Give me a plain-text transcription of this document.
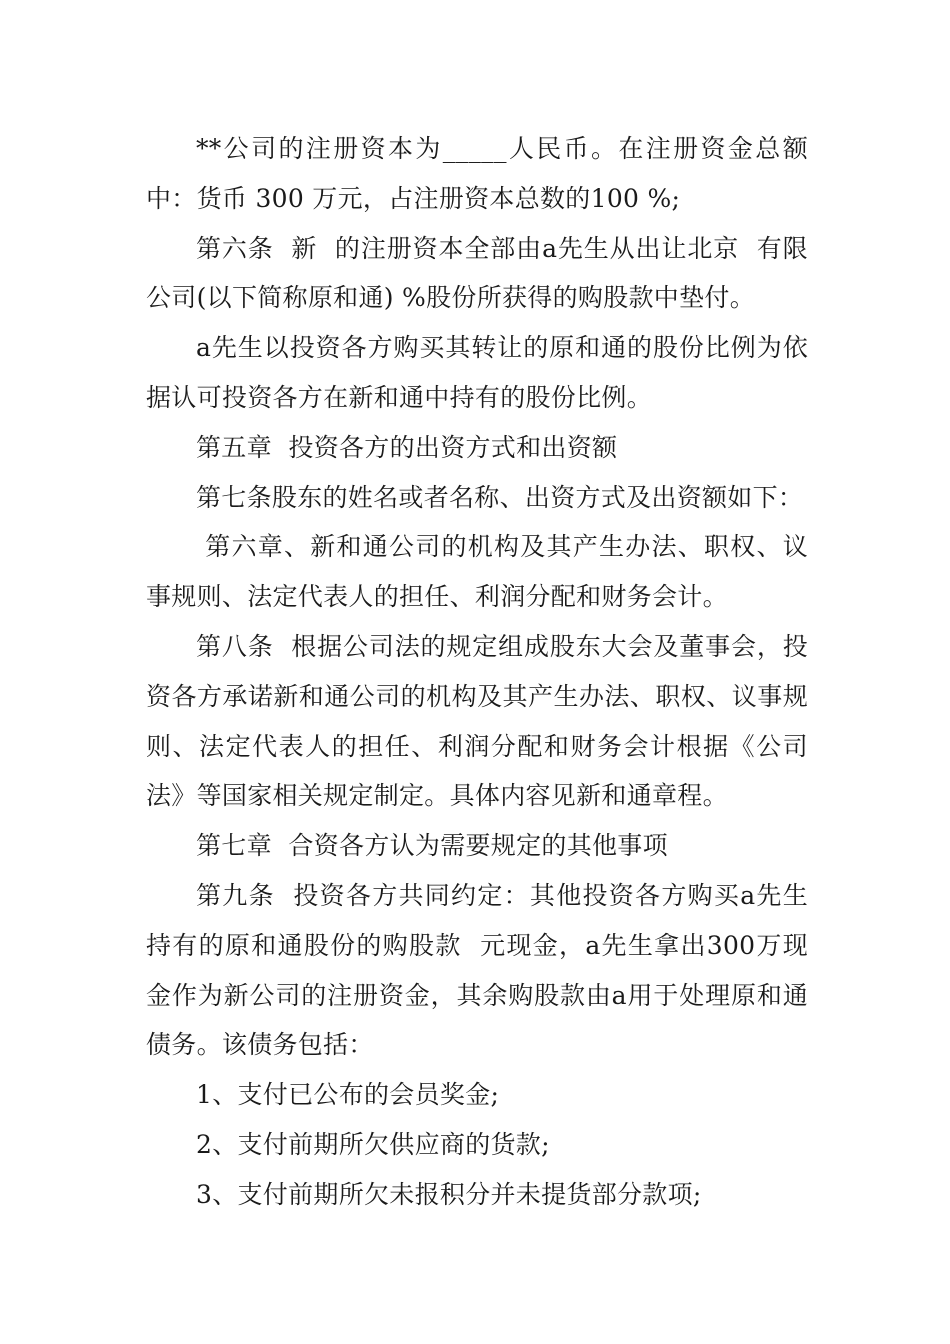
**公司的注册资本为_____人民币。在注册资金总额中：货币 300 万元，占注册资本总数的100 %;

第六条  新  的注册资本全部由a先生从出让北京  有限公司(以下简称原和通) %股份所获得的购股款中垫付。

a先生以投资各方购买其转让的原和通的股份比例为依据认可投资各方在新和通中持有的股份比例。

第五章  投资各方的出资方式和出资额

第七条股东的姓名或者名称、出资方式及出资额如下：

第六章、新和通公司的机构及其产生办法、职权、议事规则、法定代表人的担任、利润分配和财务会计。

第八条  根据公司法的规定组成股东大会及董事会，投资各方承诺新和通公司的机构及其产生办法、职权、议事规则、法定代表人的担任、利润分配和财务会计根据《公司法》等国家相关规定制定。具体内容见新和通章程。

第七章  合资各方认为需要规定的其他事项

第九条  投资各方共同约定：其他投资各方购买a先生持有的原和通股份的购股款  元现金，a先生拿出300万现金作为新公司的注册资金，其余购股款由a用于处理原和通债务。该债务包括：

1、支付已公布的会员奖金;

2、支付前期所欠供应商的货款;

3、支付前期所欠未报积分并未提货部分款项;
